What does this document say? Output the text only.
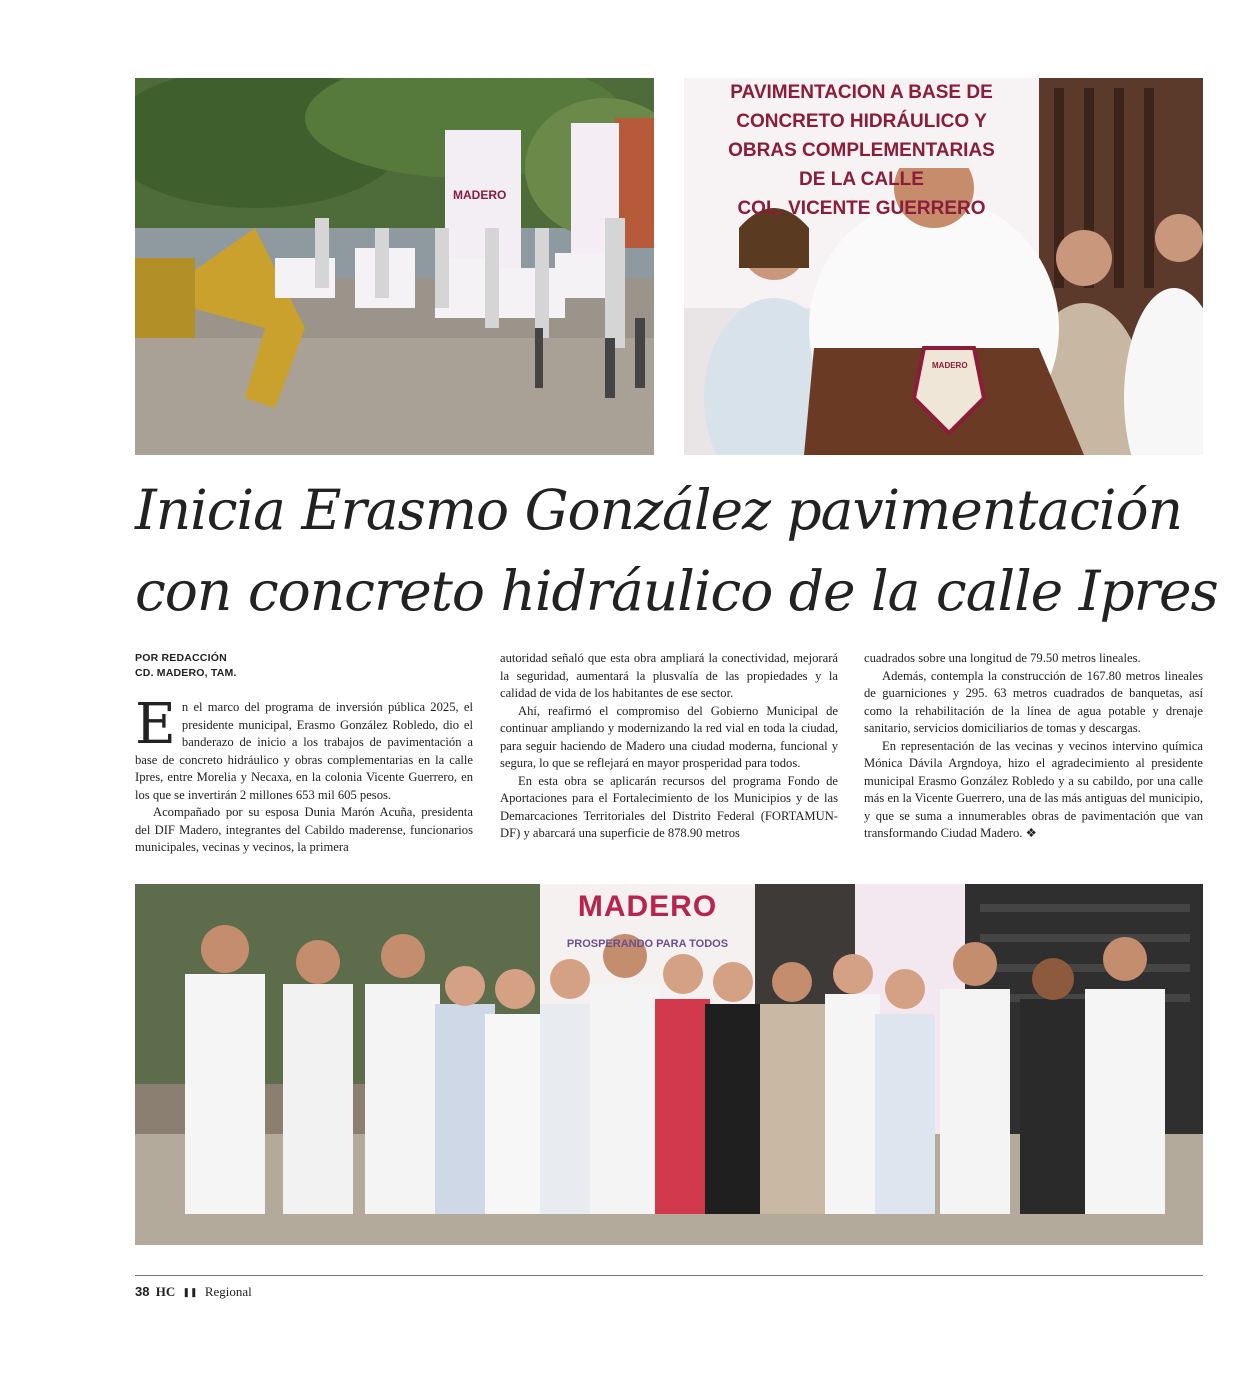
MADERO
PAVIMENTACION A BASE DE
CONCRETO HIDRÁULICO Y
OBRAS COMPLEMENTARIAS
DE LA CALLE
COL. VICENTE GUERRERO
MADERO
Inicia Erasmo González pavimentación
con concreto hidráulico de la calle Ipres
POR REDACCIÓN
CD. MADERO, TAM.

En el marco del programa de inversión pública 2025, el presidente municipal, Erasmo González Robledo, dio el banderazo de inicio a los trabajos de pavimentación a base de concreto hidráulico y obras complementarias en la calle Ipres, entre Morelia y Necaxa, en la colonia Vicente Guerrero, en los que se invertirán 2 millones 653 mil 605 pesos.

Acompañado por su esposa Dunia Marón Acuña, presidenta del DIF Madero, integrantes del Cabildo maderense, funcionarios municipales, vecinas y vecinos, la primera

autoridad señaló que esta obra ampliará la conectividad, mejorará la seguridad, aumentará la plusvalía de las propiedades y la calidad de vida de los habitantes de ese sector.

Ahí, reafirmó el compromiso del Gobierno Municipal de continuar ampliando y modernizando la red vial en toda la ciudad, para seguir haciendo de Madero una ciudad moderna, funcional y segura, lo que se reflejará en mayor prosperidad para todos.

En esta obra se aplicarán recursos del programa Fondo de Aportaciones para el Fortalecimiento de los Municipios y de las Demarcaciones Territoriales del Distrito Federal (FORTAMUN-DF) y abarcará una superficie de 878.90 metros

cuadrados sobre una longitud de 79.50 metros lineales.

Además, contempla la construcción de 167.80 metros lineales de guarniciones y 295. 63 metros cuadrados de banquetas, así como la rehabilitación de la línea de agua potable y drenaje sanitario, servicios domiciliarios de tomas y descargas.

En representación de las vecinas y vecinos intervino química Mónica Dávila Argndoya, hizo el agradecimiento al presidente municipal Erasmo González Robledo y a su cabildo, por una calle más en la Vicente Guerrero, una de las más antiguas del municipio, y que se suma a innumerables obras de pavimentación que van transformando Ciudad Madero. ❖

MADERO
PROSPERANDO PARA TODOS
38 HC ❚❚ Regional
